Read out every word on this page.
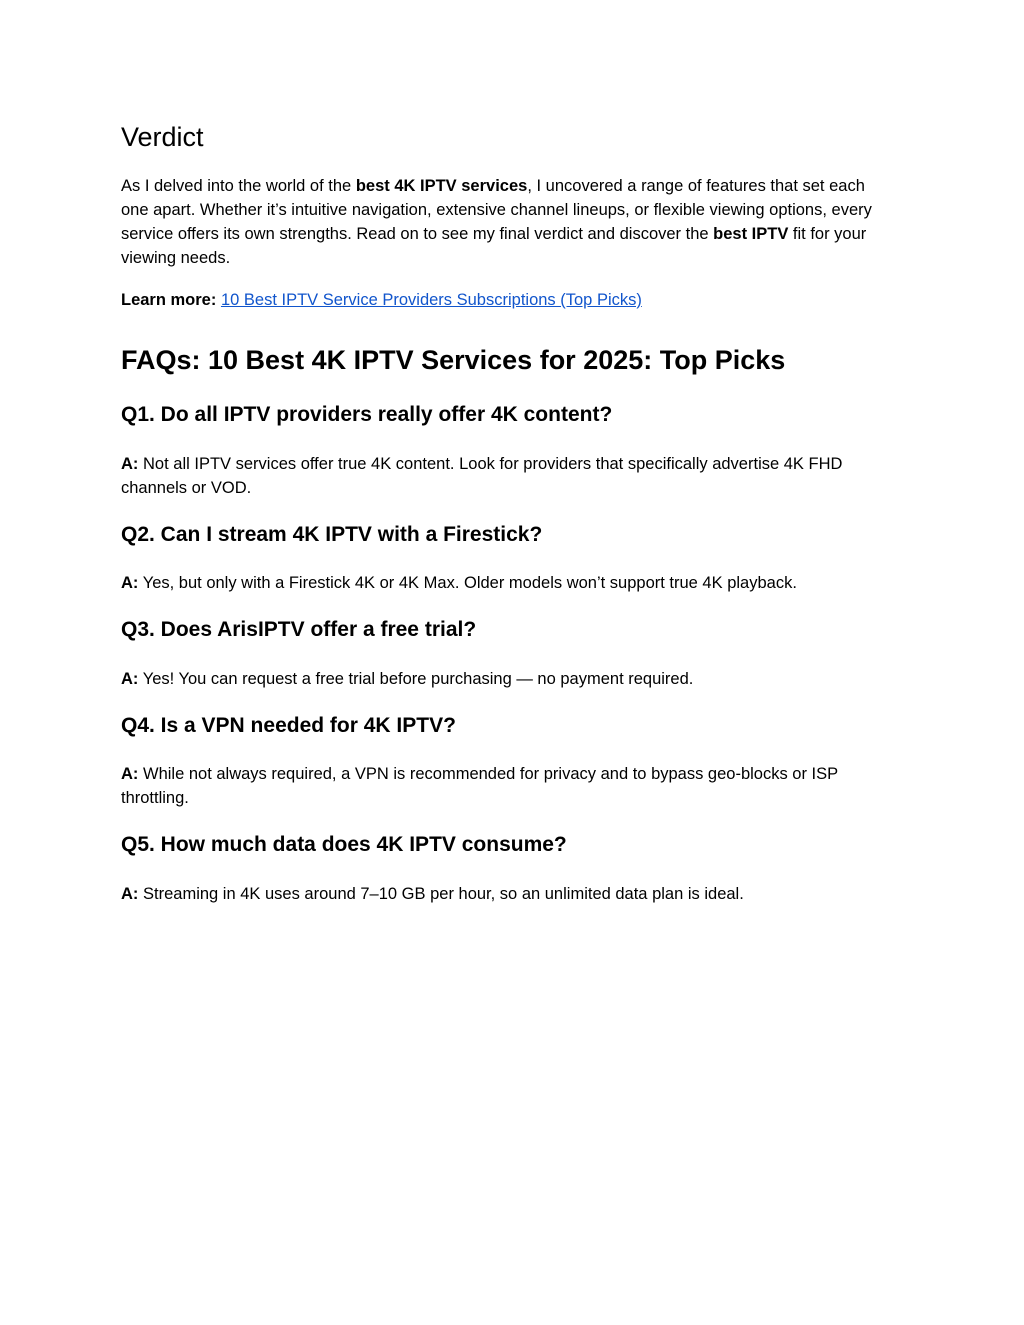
Verdict

As I delved into the world of the best 4K IPTV services, I uncovered a range of features that set each one apart. Whether it’s intuitive navigation, extensive channel lineups, or flexible viewing options, every service offers its own strengths. Read on to see my final verdict and discover the best IPTV fit for your viewing needs.

Learn more: 10 Best IPTV Service Providers Subscriptions (Top Picks)

FAQs: 10 Best 4K IPTV Services for 2025: Top Picks
Q1. Do all IPTV providers really offer 4K content?

A: Not all IPTV services offer true 4K content. Look for providers that specifically advertise 4K FHD channels or VOD.

Q2. Can I stream 4K IPTV with a Firestick?

A: Yes, but only with a Firestick 4K or 4K Max. Older models won’t support true 4K playback.

Q3. Does ArisIPTV offer a free trial?

A: Yes! You can request a free trial before purchasing — no payment required.

Q4. Is a VPN needed for 4K IPTV?

A: While not always required, a VPN is recommended for privacy and to bypass geo-blocks or ISP throttling.

Q5. How much data does 4K IPTV consume?

A: Streaming in 4K uses around 7–10 GB per hour, so an unlimited data plan is ideal.
